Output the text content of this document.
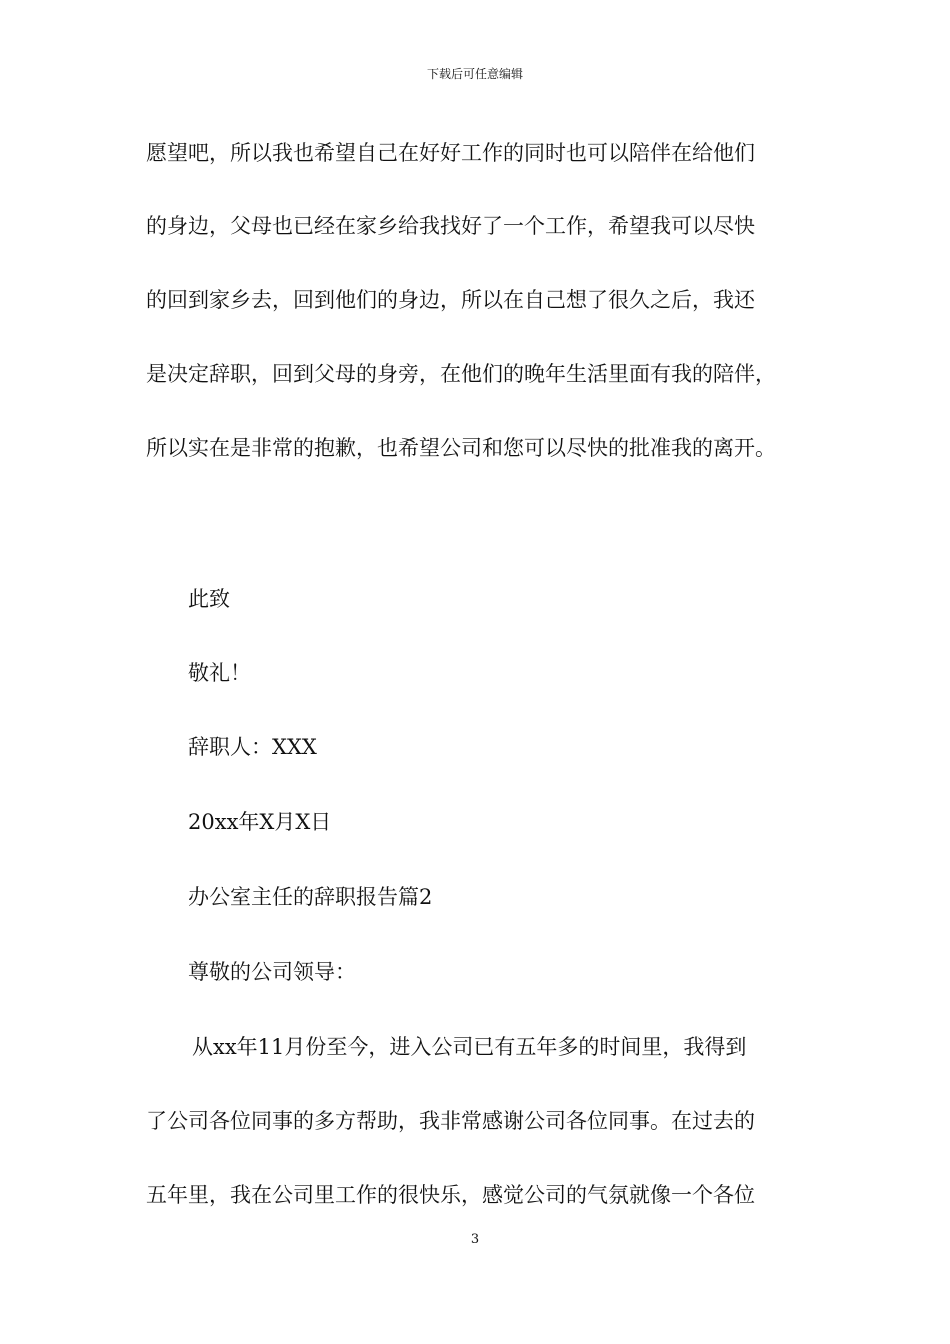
下载后可任意编辑
愿望吧，所以我也希望自己在好好工作的同时也可以陪伴在给他们
的身边，父母也已经在家乡给我找好了一个工作，希望我可以尽快
的回到家乡去，回到他们的身边，所以在自己想了很久之后，我还
是决定辞职，回到父母的身旁，在他们的晚年生活里面有我的陪伴，
所以实在是非常的抱歉，也希望公司和您可以尽快的批准我的离开。
此致
敬礼！
辞职人：XXX
20xx年X月X日
办公室主任的辞职报告篇2
尊敬的公司领导：
从xx年11月份至今，进入公司已有五年多的时间里，我得到
了公司各位同事的多方帮助，我非常感谢公司各位同事。在过去的
五年里，我在公司里工作的很快乐，感觉公司的气氛就像一个各位
3
